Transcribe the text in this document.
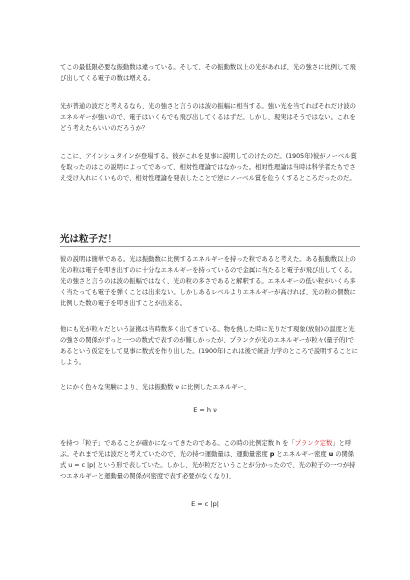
てこの最低限必要な振動数は違っている。そして、その振動数以上の光があれば、光の強さに比例して飛び出してくる電子の数は増える。

光が普通の波だと考えるなら、光の強さと言うのは波の振幅に相当する。強い光を当てればそれだけ波のエネルギーが強いので、電子はいくらでも飛び出してくるはずだ。しかし、現実はそうではない。これをどう考えたらいいのだろうか？

ここに、アインシュタインが登場する。彼がこれを見事に説明してのけたのだ。(1905年)彼がノーベル賞を取ったのはこの説明によってであって、相対性理論ではなかった。相対性理論は当時は科学者たちでさえ受け入れにくいもので、相対性理論を発表したことで逆にノーベル賞を危うくするところだったのだ。

光は粒子だ！

彼の説明は簡単である。光は振動数に比例するエネルギーを持った粒であると考えた。ある振動数以上の光の粒は電子を叩き出すのに十分なエネルギーを持っているので金属に当たると電子が飛び出してくる。光の強さと言うのは波の振幅ではなく、光の粒の多さであると解釈する。エネルギーの低い粒がいくら多く当たっても電子を弾くことは出来ない。しかしあるレベルよりエネルギーが高ければ、光の粒の個数に比例した数の電子を叩き出すことが出来る。

他にも光が粒々だという証拠は当時数多く出てきている。物を熱した時に光りだす現象(放射)の温度と光の強さの関係がずっと一つの数式で表すのが難しかったが、プランクが光のエネルギーが粒々(量子的)であるという仮定をして見事に数式を作り出した。(1900年)これは後で統計力学のところで説明することにしよう。

とにかく色々な実験により、光は振動数 ν に比例したエネルギー、

E = h ν

を持つ「粒子」であることが確かになってきたのである。この時の比例定数 h を「プランク定数」と呼ぶ。それまで光は波だと考えていたので、光の持つ運動量は、運動量密度 p とエネルギー密度 u の関係式 u = c |p| という形で表していた。しかし、光が粒だということが分かったので、光の粒子の一つが持つエネルギーと運動量の関係が(密度で表す必要がなくなり)、

E = c |p|
